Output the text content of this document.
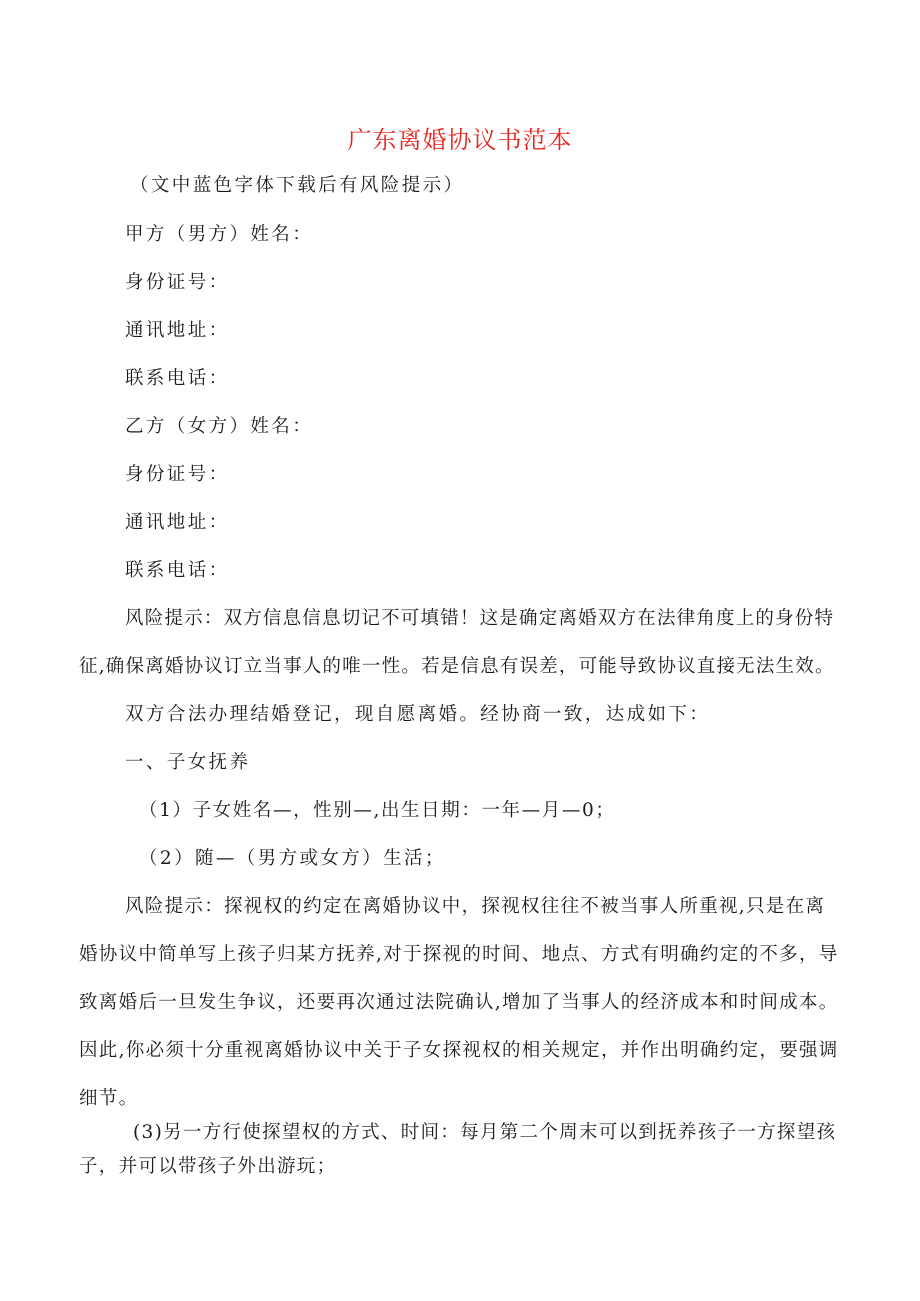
广东离婚协议书范本
（文中蓝色字体下载后有风险提示）
甲方（男方）姓名：
身份证号：
通讯地址：
联系电话：
乙方（女方）姓名：
身份证号：
通讯地址：
联系电话：
风险提示：双方信息信息切记不可填错！这是确定离婚双方在法律角度上的身份特
征,确保离婚协议订立当事人的唯一性。若是信息有误差，可能导致协议直接无法生效。
双方合法办理结婚登记，现自愿离婚。经协商一致，达成如下：
一、子女抚养
（1）子女姓名—，性别—,出生日期：一年—月—0；
（2）随—（男方或女方）生活；
风险提示：探视权的约定在离婚协议中，探视权往往不被当事人所重视,只是在离
婚协议中简单写上孩子归某方抚养,对于探视的时间、地点、方式有明确约定的不多，导
致离婚后一旦发生争议，还要再次通过法院确认,增加了当事人的经济成本和时间成本。
因此,你必须十分重视离婚协议中关于子女探视权的相关规定，并作出明确约定，要强调
细节。
(3)另一方行使探望权的方式、时间：每月第二个周末可以到抚养孩子一方探望孩
子，并可以带孩子外出游玩；
